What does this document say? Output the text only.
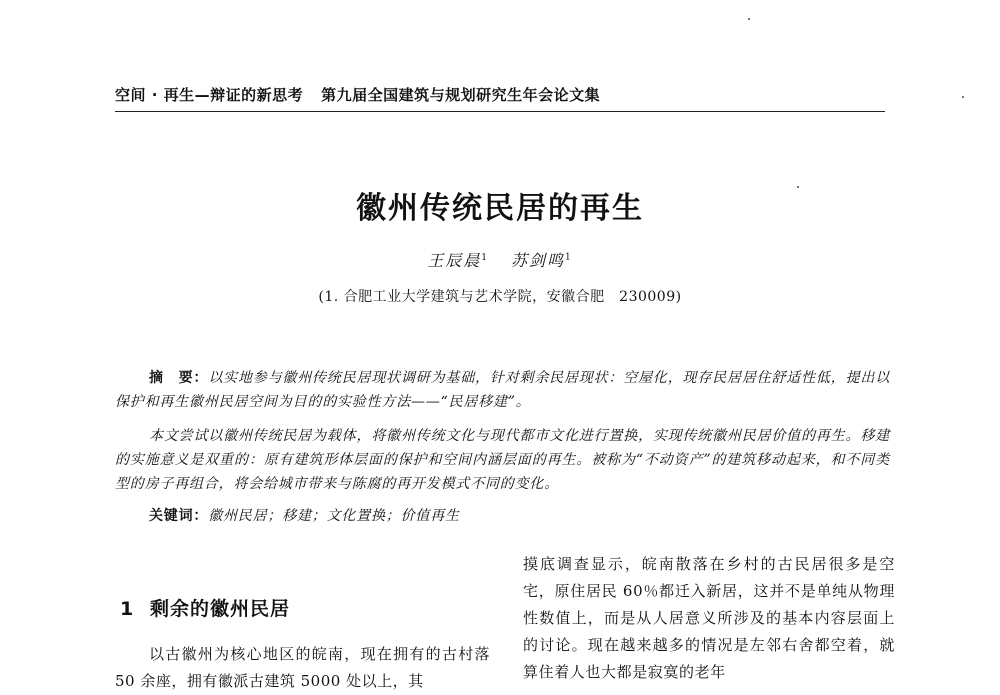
空间 · 再生—辩证的新思考 第九届全国建筑与规划研究生年会论文集
徽州传统民居的再生
王辰晨$^1$ 苏剑鸣$^1$
(1. 合肥工业大学建筑与艺术学院，安徽合肥　230009)
摘　要：以实地参与徽州传统民居现状调研为基础，针对剩余民居现状：空屋化，现存民居居住舒适性低，提出以保护和再生徽州民居空间为目的的实验性方法——“民居移建”。
本文尝试以徽州传统民居为载体，将徽州传统文化与现代都市文化进行置换，实现传统徽州民居价值的再生。移建的实施意义是双重的：原有建筑形体层面的保护和空间内涵层面的再生。被称为“不动资产”的建筑移动起来，和不同类型的房子再组合，将会给城市带来与陈腐的再开发模式不同的变化。
关键词：徽州民居；移建；文化置换；价值再生
1 剩余的徽州民居
以古徽州为核心地区的皖南，现在拥有的古村落 50 余座，拥有徽派古建筑 5000 处以上，其
摸底调查显示，皖南散落在乡村的古民居很多是空宅，原住居民 60％都迁入新居，这并不是单纯从物理性数值上，而是从人居意义所涉及的基本内容层面上的讨论。现在越来越多的情况是左邻右舍都空着，就算住着人也大都是寂寞的老年
